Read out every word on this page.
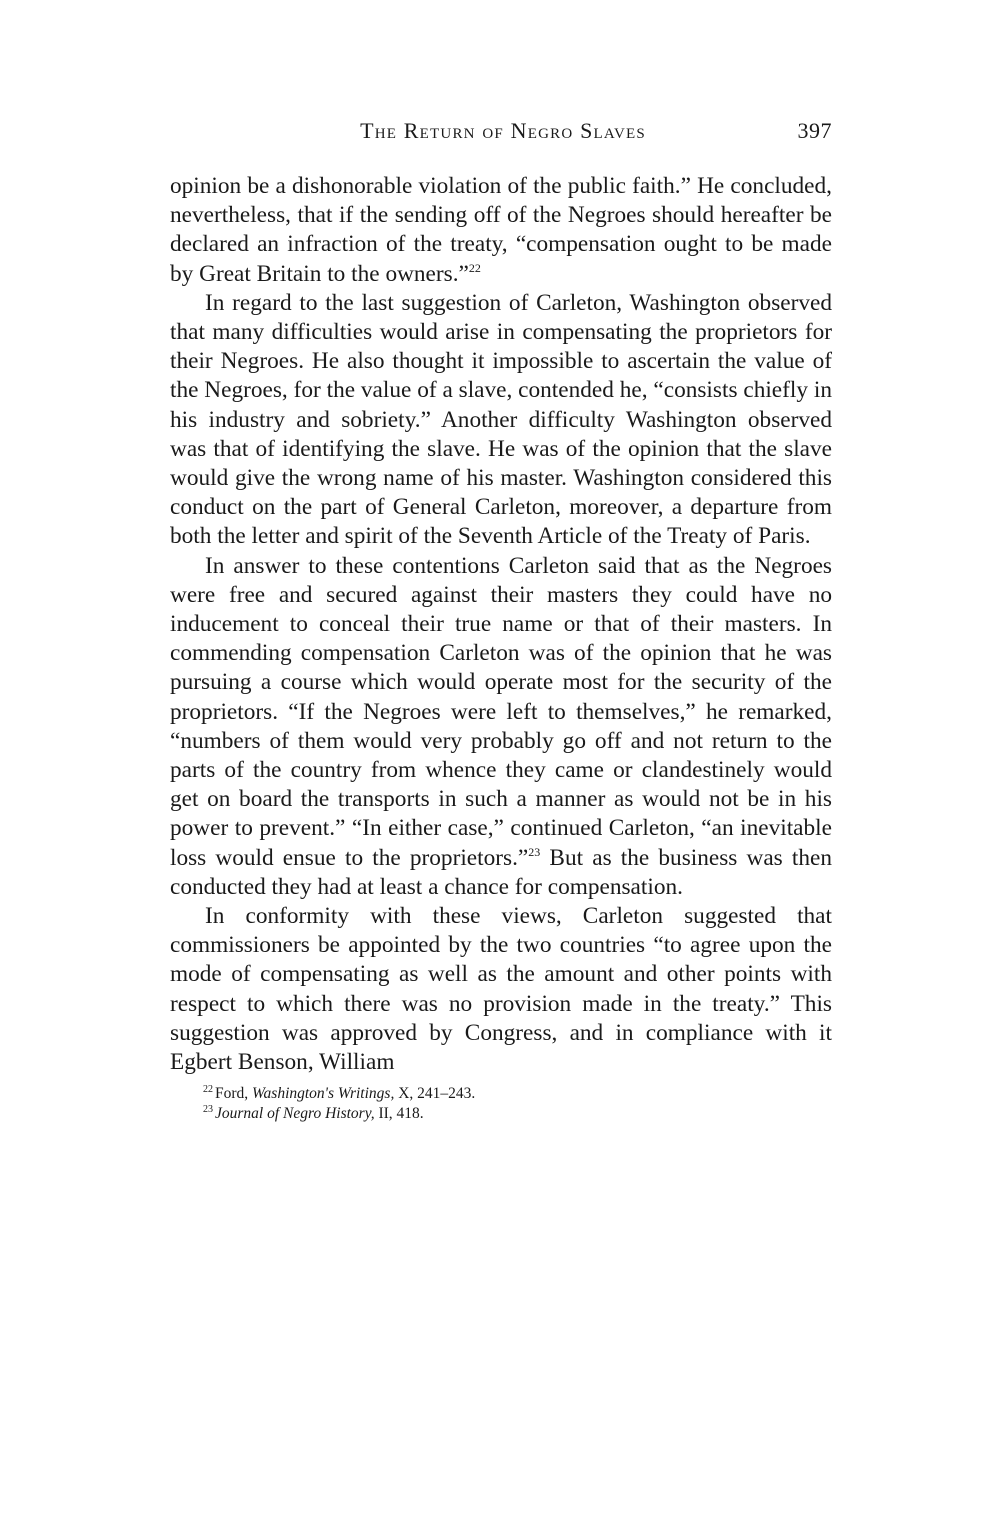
The Return of Negro Slaves	397

opinion be a dishonorable violation of the public faith.” He concluded, nevertheless, that if the sending off of the Negroes should hereafter be declared an infraction of the treaty, “compensation ought to be made by Great Britain to the owners.”$^{22}$

In regard to the last suggestion of Carleton, Washington observed that many difficulties would arise in compensating the proprietors for their Negroes. He also thought it impossible to ascertain the value of the Negroes, for the value of a slave, contended he, “consists chiefly in his industry and sobriety.” Another difficulty Washington observed was that of identifying the slave. He was of the opinion that the slave would give the wrong name of his master. Washington considered this conduct on the part of General Carleton, moreover, a departure from both the letter and spirit of the Seventh Article of the Treaty of Paris.

In answer to these contentions Carleton said that as the Negroes were free and secured against their masters they could have no inducement to conceal their true name or that of their masters. In commending compensation Carleton was of the opinion that he was pursuing a course which would operate most for the security of the proprietors. “If the Negroes were left to themselves,” he remarked, “numbers of them would very probably go off and not return to the parts of the country from whence they came or clandestinely would get on board the transports in such a manner as would not be in his power to prevent.” “In either case,” continued Carleton, “an inevitable loss would ensue to the proprietors.”$^{23}$ But as the business was then conducted they had at least a chance for compensation.

In conformity with these views, Carleton suggested that commissioners be appointed by the two countries “to agree upon the mode of compensating as well as the amount and other points with respect to which there was no provision made in the treaty.” This suggestion was approved by Congress, and in compliance with it Egbert Benson, William

$^{22}$ Ford, Washington's Writings, X, 241–243.
$^{23}$ Journal of Negro History, II, 418.
